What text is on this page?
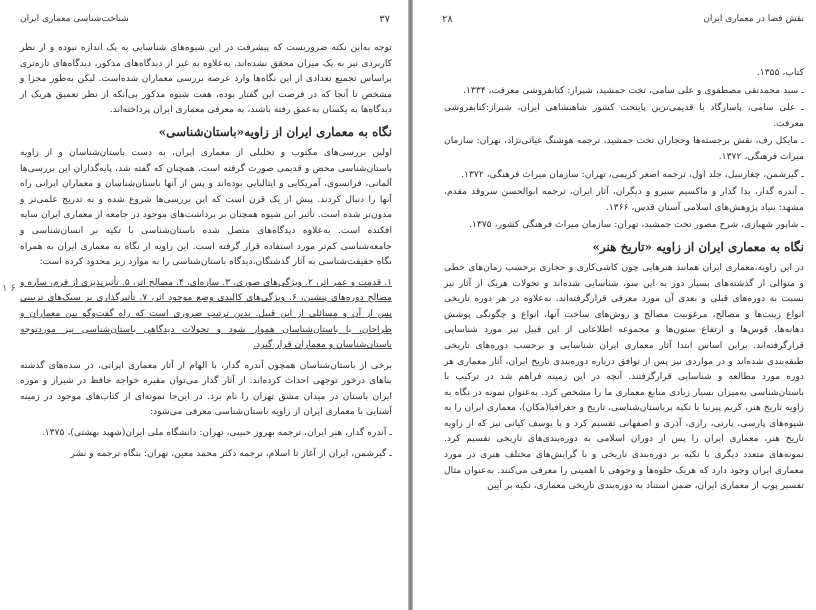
شناخت‌شناسی معماری ایران	۳۷

توجه به‌این نکته ضروریست که پیشرفت در این شیوه‌های شناسایی به یک اندازه نبوده و از نظر کاربردی نیز به یک میزان محقق نشده‌اند. به‌علاوه به غیر از دیدگاه‌های مذکور، دیدگاه‌های تازه‌تری براساس تجمیع تعدادی از این نگاه‌ها وارد عرصه بررسی معماران شده‌است. لیکن به‌طور مجزا و مشخص تا آنجا که در فرصت این گفتار بوده، هفت شیوه مذکور بی‌آنکه از نظر تعمیق هریک از دیدگاه‌ها به یکسان به‌عمق رفته باشند، به معرفی معماری ایران پرداخته‌اند.

نگاه به معماری ایران از زاویه«باستان‌شناسی»

اولین بررسی‌های مکتوب و تحلیلی از معماری ایران، به دست باستان‌شناسان و از زاویه باستان‌شناسی محض و قدیمی صورت گرفته است. همچنان که گفته شد، پایه‌گذاران این بررسی‌ها آلمانی، فرانسوی، آمریکایی و ایتالیایی بوده‌اند و پس از آنها باستان‌شناسان و معماران ایرانی راه آنها را دنبال کردند. پیش از یک قرن است که این بررسی‌ها شروع شده و به تدریج علمی‌تر و مدون‌تر شده است. تأثیر این شیوه همچنان بر برداشت‌های موجود در جامعه از معماری ایران سایه افکنده است. به‌علاوه دیدگاه‌های متصل شده باستان‌شناسی با تکیه بر انسان‌شناسی و جامعه‌شناسی کم‌تر مورد استفاده قرار گرفته است. این زاویه از نگاه به معماری ایران به همراه نگاه حقیقت‌شناسی به آثار گذشتگان،دیدگاه باستان‌شناسی را به موارد زیر محدود کرده است:

۱. قدمت و عمر اثر، ۲. ویژگی‌های صوری، ۳. سازه‌ای، ۴. مصالح اثر، ۵. تأثیرپذیری از فرم، سازه و مصالح دوره‌های پیشین، ۶. ویژگی‌های کالبدی وضع موجود اثر، ۷. تأثیرگذاری بر سبک‌های تزیینی پس از آن و مسائلی از این قبیل. بدین ترتیب ضروری است که راه گفت‌وگو بین معماران و طراحان، با باستان‌شناسان هموار شود و تحولات دیدگاهی باستان‌شناسی نیز موردتوجه باستان‌شناسان و معماران قرار گیرد.

برخی از باستان‌شناسان همچون آندره گدار، با الهام از آثار معماری ایرانی، در سده‌های گذشته بناهای درخور توجهی احداث کرده‌اند. از آثار گدار می‌توان مقبره خواجه حافظ در شیراز و موزه ایران باستان در میدان مشق تهران را نام برد. در این‌جا نمونه‌ای از کتاب‌های موجود در زمینه آشنایی با معماری ایران از زاویه باستان‌شناسی معرفی می‌شود:

ـ آندره گدار، هنر ایران، ترجمه بهروز حبیبی، تهران: دانشگاه ملی ایران(شهید بهشتی)، ۱۳۷۵.

ـ گیرشمن، ایران از آغاز تا اسلام، ترجمه دکتر محمد معین، تهران: بنگاه ترجمه و نشر

۱ ۶
نقش فضا در معماری ایران
۲۸
کتاب، ۱۳۵۵.
ـ سید محمدتقی مصطفوی و علی سامی، تخت جمشید، شیراز: کتابفروشی معرفت، ۱۳۳۴.
ـ علی سامی، پاسارگاد یا قدیمی‌ترین پایتخت کشور شاهنشاهی ایران، شیراز:کتابفروشی معرفت.
ـ مایکل رف، نقش برجسته‌ها وحجاران تخت جمشید، ترجمه هوشنگ غیاثی‌نژاد، تهران: سازمان میراث فرهنگی، ۱۳۷۲.
ـ گیرشمن، چغازنبیل، جلد اول، ترجمه اصغر کریمی، تهران: سازمان میراث فرهنگی، ۱۳۷۲.
ـ آندره گدار، یدا گدار و ماکسیم سیرو و دیگران، آثار ایران، ترجمه ابوالحسن سروقد مقدم، مشهد: بنیاد پژوهش‌های اسلامی آستان قدس، ۱۳۶۶.
ـ شاپور شهبازی، شرح مصور تخت جمشید، تهران: سازمان میراث فرهنگی کشور، ۱۳۷۵.
نگاه به معماری ایران از زاویه «تاریخ هنر»

در این زاویه،معماری ایران همانند هنرهایی چون کاشی‌کاری و حجاری برحسب زمان‌های خطی و متوالی از گذشته‌های بسیار دور به این سو، شناسایی شده‌اند و تحولات هریک از آثار نیز نسبت به دوره‌های قبلی و بعدی آن مورد معرفی قرارگرفته‌اند. به‌علاوه در هر دوره تاریخی انواع زینت‌ها و مصالح، مرغوبیت مصالح و روش‌های ساخت آنها، انواع و چگونگی پوشش دهانه‌ها، قوس‌ها و ارتفاع ستون‌ها و مجموعه اطلاعاتی از این قبیل نیز مورد شناسایی قرارگرفته‌اند. براین اساس ابتدا آثار معماری ایران شناسایی و برحسب دوره‌های تاریخی طبقه‌بندی شده‌اند و در مواردی نیز پس از توافق درباره دوره‌بندی تاریخ ایران، آثار معماری هر دوره مورد مطالعه و شناسایی قرارگرفتند. آنچه در این زمینه فراهم شد در ترکیب با باستان‌شناسی به‌میزان بسیار زیادی منابع معماری ما را مشخص کرد. به‌عنوان نمونه در نگاه به زاویه تاریخ هنر، کریم پیرنیا با تکیه برباستان‌شناسی، تاریخ و جغرافیا(مکان)، معماری ایران را به شیوه‌های پارسی، پارتی، رازی، آذری و اصفهانی تقسیم کرد و یا یوسف کیانی نیز که از زاویه تاریخ هنر، معماری ایران را پس از دوران اسلامی به دوره‌بندی‌های تاریخی تقسیم کرد. نمونه‌های متعدد دیگری با تکیه بر دوره‌بندی تاریخی و با گرایش‌های مختلف هنری در مورد معماری ایران وجود دارد که هریک جلوه‌ها و وجوهی با اهمیتی را معرفی می‌کنند. به‌عنوان مثال تفسیر پوپ از معماری ایران، ضمن استناد به دوره‌بندی تاریخی معماری، تکیه بر آیین
